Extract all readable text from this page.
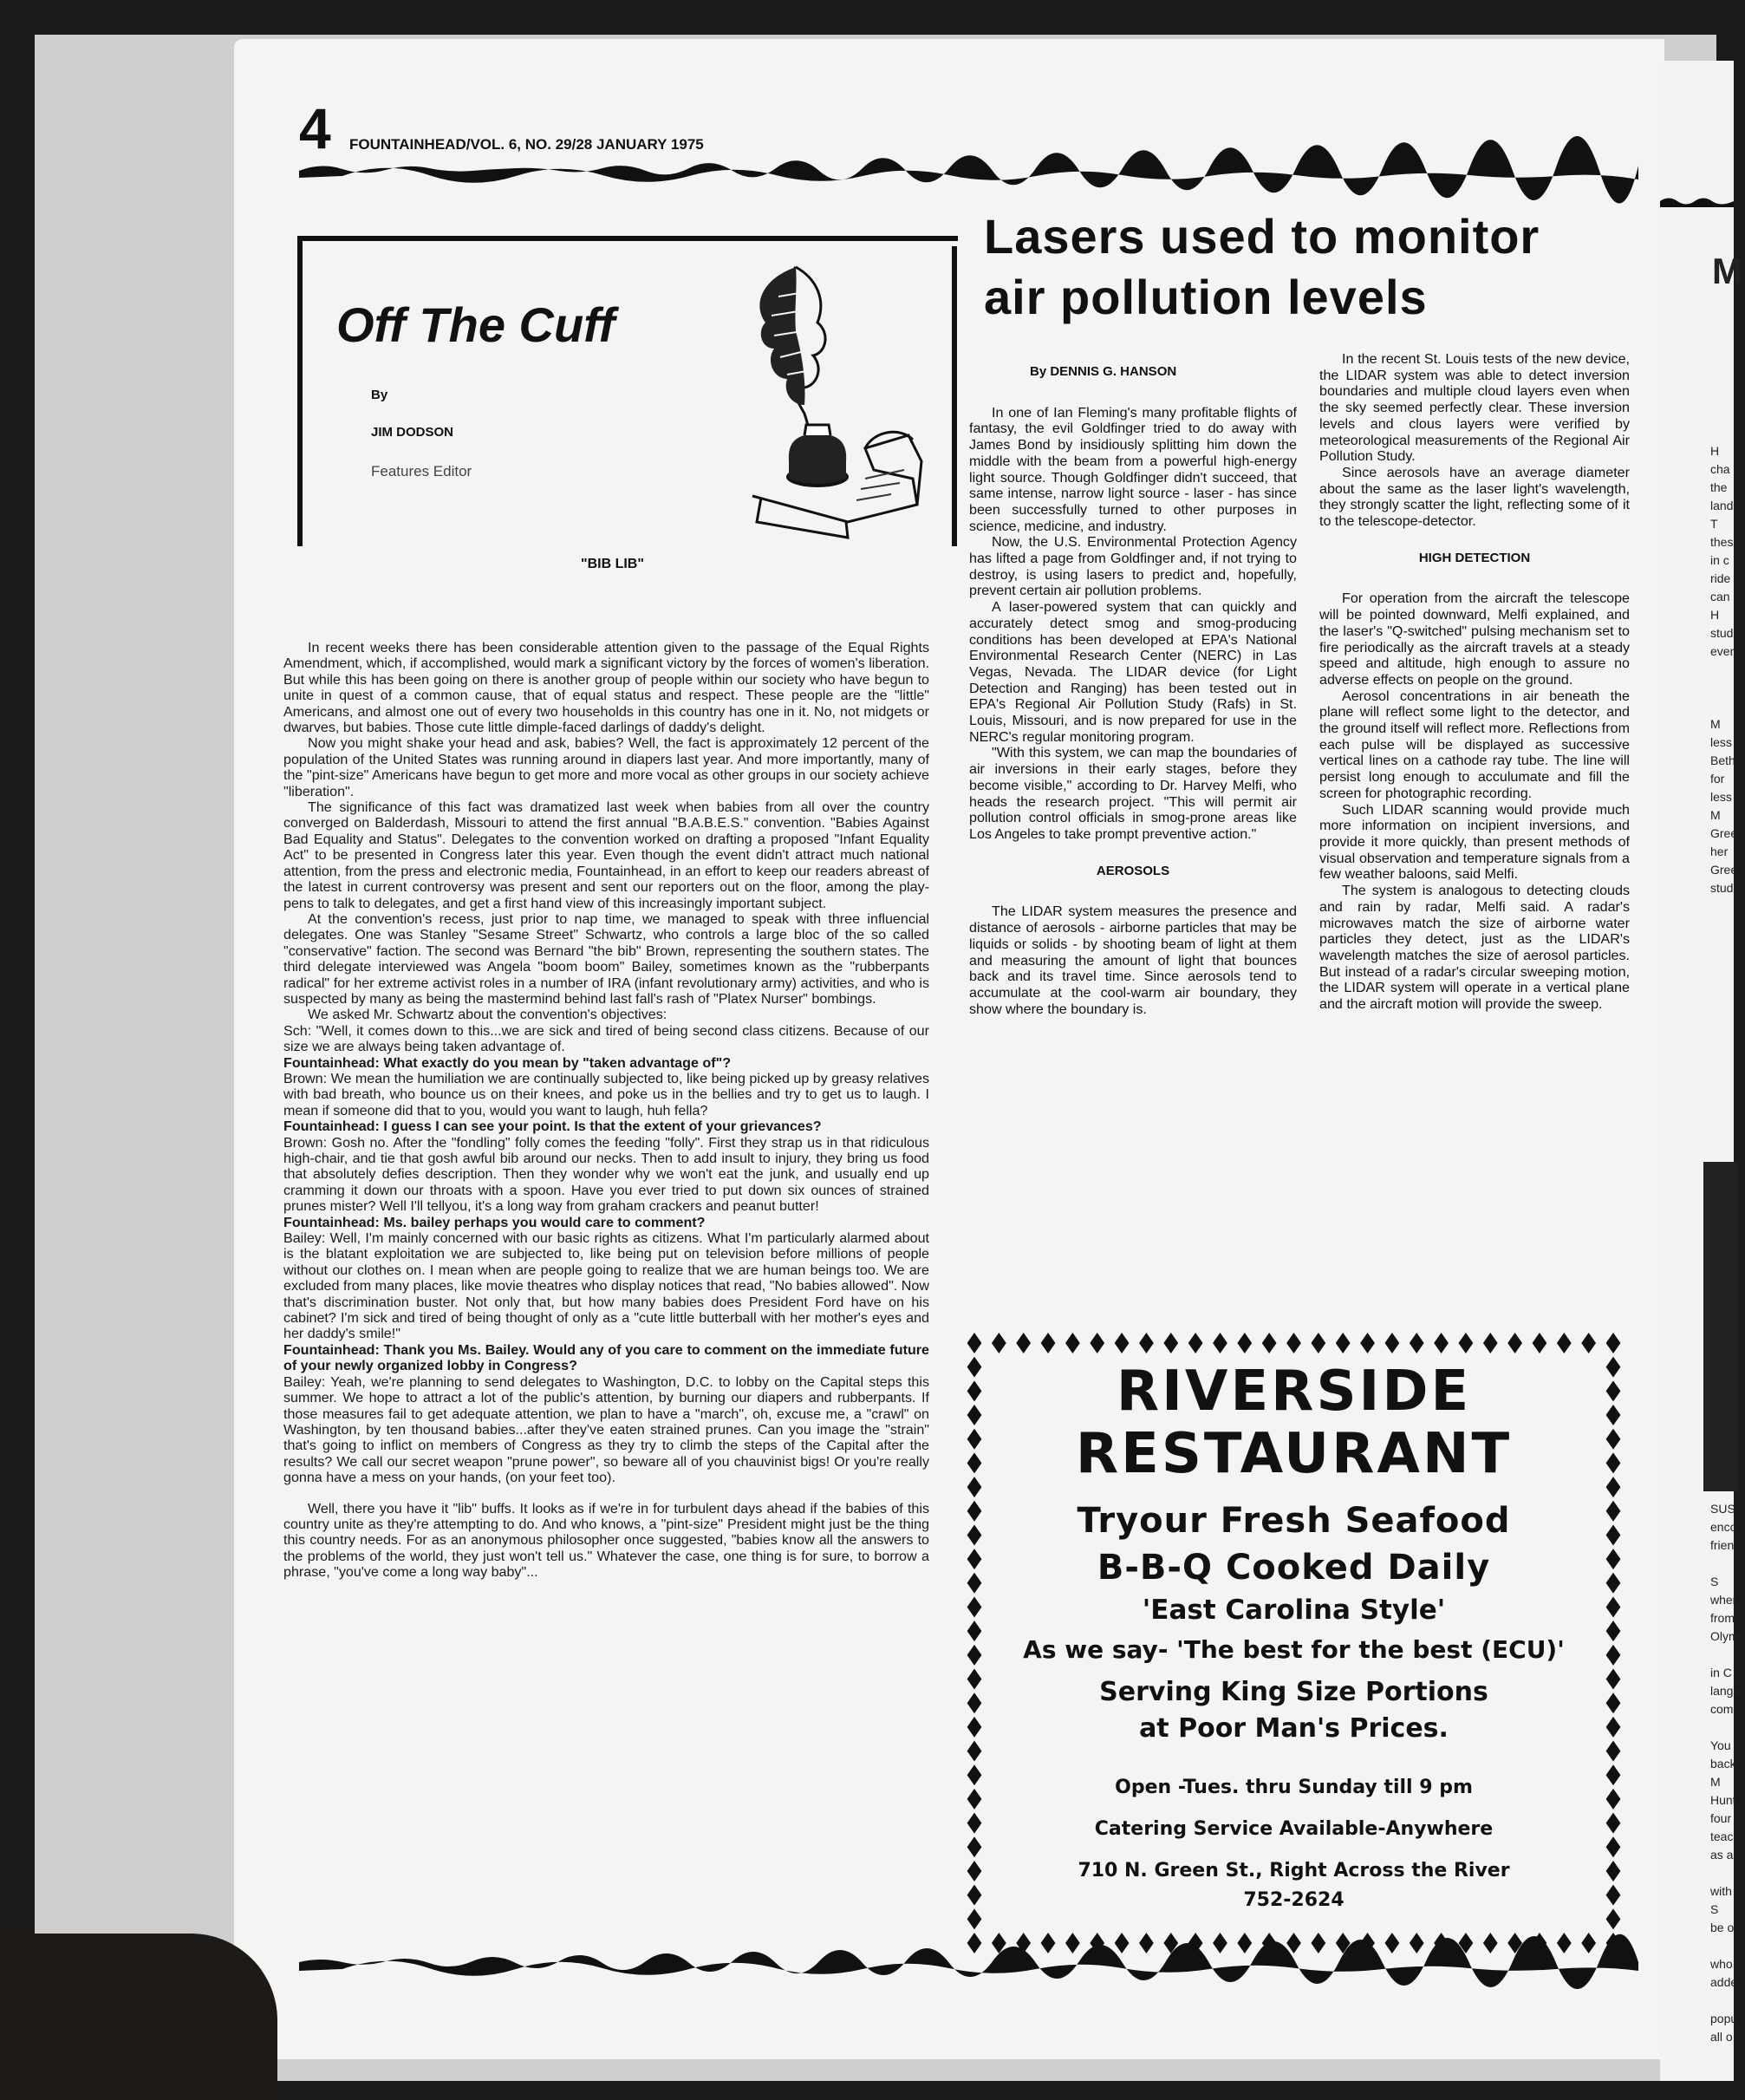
M
H
cha
the
land
T
thes
in c
ride
can
H
stud
even

M
less
Beth
for
less
M
Gree
her
Gree
stud
SUS
enco
frien

S
wher
from
Olym

in C
langu
com

You
back
M
Hunt
four
teac
as a

with
S
be o

who
adde

popu
all o
4 FOUNTAINHEAD/VOL. 6, NO. 29/28 JANUARY 1975
Off The Cuff
By
JIM DODSON
Features Editor
"BIB LIB"

In recent weeks there has been considerable attention given to the passage of the Equal Rights Amendment, which, if accomplished, would mark a significant victory by the forces of women's liberation. But while this has been going on there is another group of people within our society who have begun to unite in quest of a common cause, that of equal status and respect. These people are the "little" Americans, and almost one out of every two households in this country has one in it. No, not midgets or dwarves, but babies. Those cute little dimple-faced darlings of daddy's delight.

Now you might shake your head and ask, babies? Well, the fact is approximately 12 percent of the population of the United States was running around in diapers last year. And more importantly, many of the "pint-size" Americans have begun to get more and more vocal as other groups in our society achieve "liberation".

The significance of this fact was dramatized last week when babies from all over the country converged on Balderdash, Missouri to attend the first annual "B.A.B.E.S." convention. "Babies Against Bad Equality and Status". Delegates to the convention worked on drafting a proposed "Infant Equality Act" to be presented in Congress later this year. Even though the event didn't attract much national attention, from the press and electronic media, Fountainhead, in an effort to keep our readers abreast of the latest in current controversy was present and sent our reporters out on the floor, among the play-pens to talk to delegates, and get a first hand view of this increasingly important subject.

At the convention's recess, just prior to nap time, we managed to speak with three influencial delegates. One was Stanley "Sesame Street" Schwartz, who controls a large bloc of the so called "conservative" faction. The second was Bernard "the bib" Brown, representing the southern states. The third delegate interviewed was Angela "boom boom" Bailey, sometimes known as the "rubberpants radical" for her extreme activist roles in a number of IRA (infant revolutionary army) activities, and who is suspected by many as being the mastermind behind last fall's rash of "Platex Nurser" bombings.

We asked Mr. Schwartz about the convention's objectives:

Sch: "Well, it comes down to this...we are sick and tired of being second class citizens. Because of our size we are always being taken advantage of.

Fountainhead: What exactly do you mean by "taken advantage of"?

Brown: We mean the humiliation we are continually subjected to, like being picked up by greasy relatives with bad breath, who bounce us on their knees, and poke us in the bellies and try to get us to laugh. I mean if someone did that to you, would you want to laugh, huh fella?

Fountainhead: I guess I can see your point. Is that the extent of your grievances?

Brown: Gosh no. After the "fondling" folly comes the feeding "folly". First they strap us in that ridiculous high-chair, and tie that gosh awful bib around our necks. Then to add insult to injury, they bring us food that absolutely defies description. Then they wonder why we won't eat the junk, and usually end up cramming it down our throats with a spoon. Have you ever tried to put down six ounces of strained prunes mister? Well I'll tellyou, it's a long way from graham crackers and peanut butter!

Fountainhead: Ms. bailey perhaps you would care to comment?

Bailey: Well, I'm mainly concerned with our basic rights as citizens. What I'm particularly alarmed about is the blatant exploitation we are subjected to, like being put on television before millions of people without our clothes on. I mean when are people going to realize that we are human beings too. We are excluded from many places, like movie theatres who display notices that read, "No babies allowed". Now that's discrimination buster. Not only that, but how many babies does President Ford have on his cabinet? I'm sick and tired of being thought of only as a "cute little butterball with her mother's eyes and her daddy's smile!"

Fountainhead: Thank you Ms. Bailey. Would any of you care to comment on the immediate future of your newly organized lobby in Congress?

Bailey: Yeah, we're planning to send delegates to Washington, D.C. to lobby on the Capital steps this summer. We hope to attract a lot of the public's attention, by burning our diapers and rubberpants. If those measures fail to get adequate attention, we plan to have a "march", oh, excuse me, a "crawl" on Washington, by ten thousand babies...after they've eaten strained prunes. Can you image the "strain" that's going to inflict on members of Congress as they try to climb the steps of the Capital after the results? We call our secret weapon "prune power", so beware all of you chauvinist bigs! Or you're really gonna have a mess on your hands, (on your feet too).

Well, there you have it "lib" buffs. It looks as if we're in for turbulent days ahead if the babies of this country unite as they're attempting to do. And who knows, a "pint-size" President might just be the thing this country needs. For as an anonymous philosopher once suggested, "babies know all the answers to the problems of the world, they just won't tell us." Whatever the case, one thing is for sure, to borrow a phrase, "you've come a long way baby"...

Lasers used to monitor
air pollution levels

By DENNIS G. HANSON

In one of Ian Fleming's many profitable flights of fantasy, the evil Goldfinger tried to do away with James Bond by insidiously splitting him down the middle with the beam from a powerful high-energy light source. Though Goldfinger didn't succeed, that same intense, narrow light source - laser - has since been successfully turned to other purposes in science, medicine, and industry.

Now, the U.S. Environmental Protection Agency has lifted a page from Goldfinger and, if not trying to destroy, is using lasers to predict and, hopefully, prevent certain air pollution problems.

A laser-powered system that can quickly and accurately detect smog and smog-producing conditions has been developed at EPA's National Environmental Research Center (NERC) in Las Vegas, Nevada. The LIDAR device (for Light Detection and Ranging) has been tested out in EPA's Regional Air Pollution Study (Rafs) in St. Louis, Missouri, and is now prepared for use in the NERC's regular monitoring program.

"With this system, we can map the boundaries of air inversions in their early stages, before they become visible," according to Dr. Harvey Melfi, who heads the research project. "This will permit air pollution control officials in smog-prone areas like Los Angeles to take prompt preventive action."

AEROSOLS

The LIDAR system measures the presence and distance of aerosols - airborne particles that may be liquids or solids - by shooting beam of light at them and measuring the amount of light that bounces back and its travel time. Since aerosols tend to accumulate at the cool-warm air boundary, they show where the boundary is.

In the recent St. Louis tests of the new device, the LIDAR system was able to detect inversion boundaries and multiple cloud layers even when the sky seemed perfectly clear. These inversion levels and clous layers were verified by meteorological measurements of the Regional Air Pollution Study.

Since aerosols have an average diameter about the same as the laser light's wavelength, they strongly scatter the light, reflecting some of it to the telescope-detector.

HIGH DETECTION

For operation from the aircraft the telescope will be pointed downward, Melfi explained, and the laser's "Q-switched" pulsing mechanism set to fire periodically as the aircraft travels at a steady speed and altitude, high enough to assure no adverse effects on people on the ground.

Aerosol concentrations in air beneath the plane will reflect some light to the detector, and the ground itself will reflect more. Reflections from each pulse will be displayed as successive vertical lines on a cathode ray tube. The line will persist long enough to acculumate and fill the screen for photographic recording.

Such LIDAR scanning would provide much more information on incipient inversions, and provide it more quickly, than present methods of visual observation and temperature signals from a few weather baloons, said Melfi.

The system is analogous to detecting clouds and rain by radar, Melfi said. A radar's microwaves match the size of airborne water particles they detect, just as the LIDAR's wavelength matches the size of aerosol particles. But instead of a radar's circular sweeping motion, the LIDAR system will operate in a vertical plane and the aircraft motion will provide the sweep.

RIVERSIDE
RESTAURANT
Tryour Fresh Seafood
B-B-Q Cooked Daily
'East Carolina Style'
As we say- 'The best for the best (ECU)'
Serving King Size Portions
at Poor Man's Prices.
Open -Tues. thru Sunday till 9 pm
Catering Service Available-Anywhere
710 N. Green St., Right Across the River
752-2624
